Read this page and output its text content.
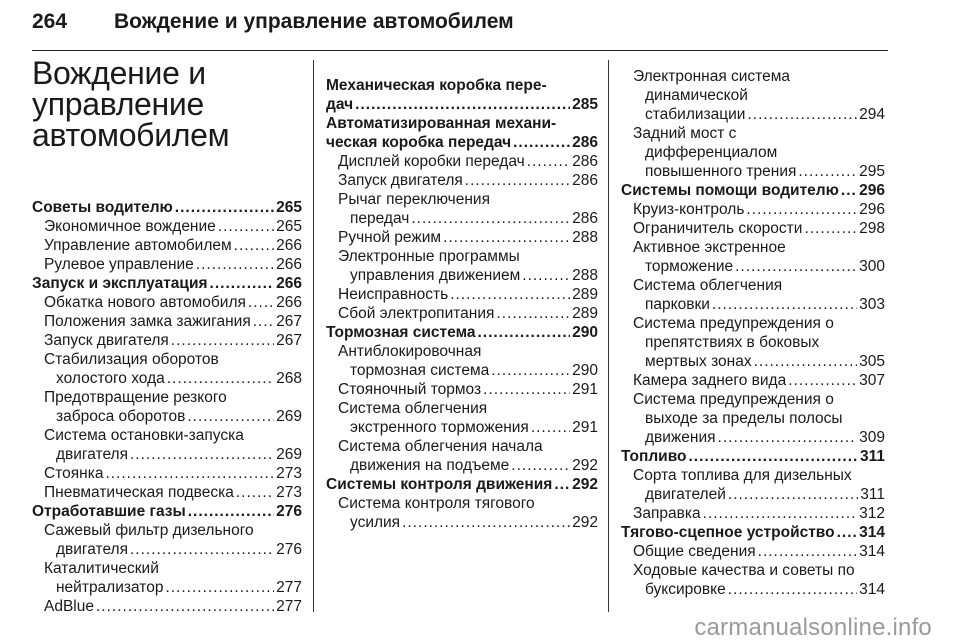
264 Вождение и управление автомобилем
Вождение и
управление
автомобилем
Советы водителю .....	265
Экономичное вождение .....	265
Управление автомобилем .....	266
Рулевое управление .....	266
Запуск и эксплуатация .....	266
Обкатка нового автомобиля ..... 266
Положения замка зажигания ..... 267
Запуск двигателя .....	267
Стабилизация оборотов
холостого хода .....	268
Предотвращение резкого
заброса оборотов .....	269
Система остановки-запуска
двигателя .....	269
Стоянка .....	273
Пневматическая подвеска .....	273
Отработавшие газы .....	276
Сажевый фильтр дизельного
двигателя .....	276
Каталитический
нейтрализатор .....	277
AdBlue .....	277
Механическая коробка пере-
дач .....	285
Автоматизированная механи-
ческая коробка передач .....	286
Дисплей коробки передач .....	286
Запуск двигателя .....	286
Рычаг переключения
передач .....	286
Ручной режим .....	288
Электронные программы
управления движением .....	288
Неисправность .....	289
Сбой электропитания .....	289
Тормозная система .....	290
Антиблокировочная
тормозная система .....	290
Стояночный тормоз .....	291
Система облегчения
экстренного торможения .....	291
Система облегчения начала
движения на подъеме .....	292
Системы контроля движения ..... 292
Система контроля тягового
усилия .....	292
Электронная система
динамической
стабилизации .....	294
Задний мост с
дифференциалом
повышенного трения .....	295
Системы помощи водителю ..... 296
Круиз-контроль .....	296
Ограничитель скорости .....	298
Активное экстренное
торможение .....	300
Система облегчения
парковки .....	303
Система предупреждения о
препятствиях в боковых
мертвых зонах .....	305
Камера заднего вида .....	307
Система предупреждения о
выходе за пределы полосы
движения .....	309
Топливо .....	311
Сорта топлива для дизельных
двигателей .....	311
Заправка .....	312
Тягово-сцепное устройство ..... 314
Общие сведения .....	314
Ходовые качества и советы по
буксировке .....	314
carmanualsonline.info
